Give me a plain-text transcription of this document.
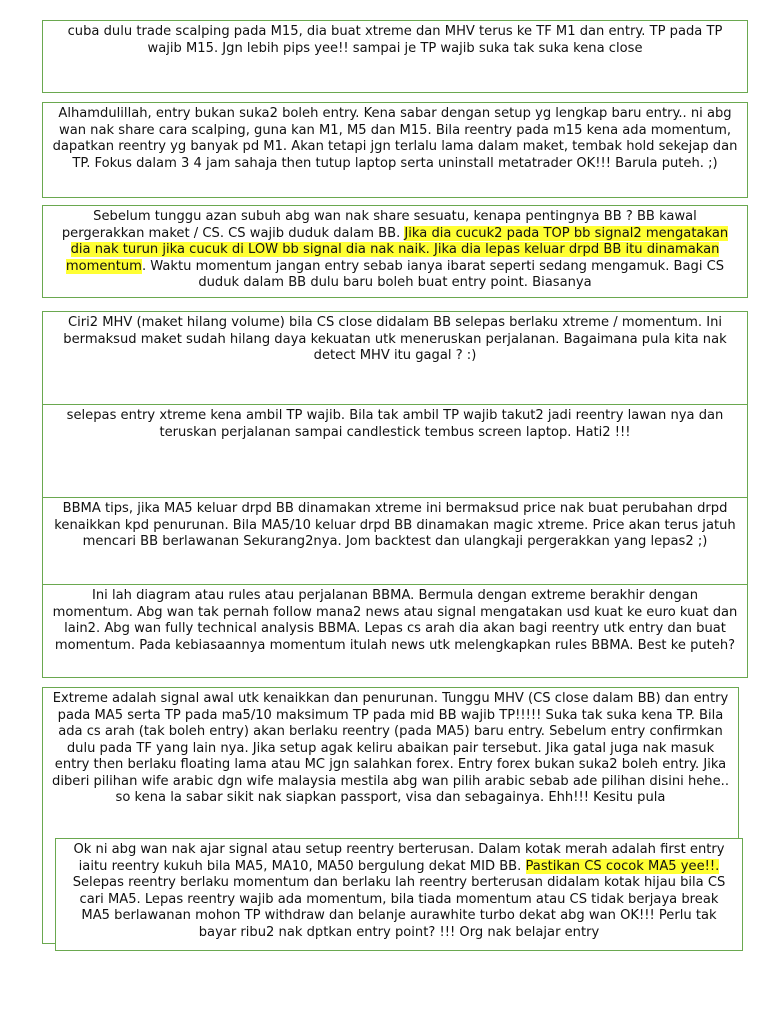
cuba dulu trade scalping pada M15, dia buat xtreme dan MHV terus ke TF M1 dan entry. TP pada TP wajib M15. Jgn lebih pips yee!! sampai je TP wajib suka tak suka kena close

Alhamdulillah, entry bukan suka2 boleh entry. Kena sabar dengan setup yg lengkap baru entry.. ni abg wan nak share cara scalping, guna kan M1, M5 dan M15. Bila reentry pada m15 kena ada momentum, dapatkan reentry yg banyak pd M1. Akan tetapi jgn terlalu lama dalam maket, tembak hold sekejap dan TP. Fokus dalam 3 4 jam sahaja then tutup laptop serta uninstall metatrader OK!!! Barula puteh. ;)

Sebelum tunggu azan subuh abg wan nak share sesuatu, kenapa pentingnya BB ? BB kawal pergerakkan maket / CS. CS wajib duduk dalam BB. Jika dia cucuk2 pada TOP bb signal2 mengatakan dia nak turun jika cucuk di LOW bb signal dia nak naik. Jika dia lepas keluar drpd BB itu dinamakan momentum. Waktu momentum jangan entry sebab ianya ibarat seperti sedang mengamuk. Bagi CS duduk dalam BB dulu baru boleh buat entry point. Biasanya

Ciri2 MHV (maket hilang volume) bila CS close didalam BB selepas berlaku xtreme / momentum. Ini bermaksud maket sudah hilang daya kekuatan utk meneruskan perjalanan. Bagaimana pula kita nak detect MHV itu gagal ? :)

selepas entry xtreme kena ambil TP wajib. Bila tak ambil TP wajib takut2 jadi reentry lawan nya dan teruskan perjalanan sampai candlestick tembus screen laptop. Hati2 !!!

BBMA tips, jika MA5 keluar drpd BB dinamakan xtreme ini bermaksud price nak buat perubahan drpd kenaikkan kpd penurunan. Bila MA5/10 keluar drpd BB dinamakan magic xtreme. Price akan terus jatuh mencari BB berlawanan Sekurang2nya. Jom backtest dan ulangkaji pergerakkan yang lepas2 ;)

Ini lah diagram atau rules atau perjalanan BBMA. Bermula dengan extreme berakhir dengan momentum. Abg wan tak pernah follow mana2 news atau signal mengatakan usd kuat ke euro kuat dan lain2. Abg wan fully technical analysis BBMA. Lepas cs arah dia akan bagi reentry utk entry dan buat momentum. Pada kebiasaannya momentum itulah news utk melengkapkan rules BBMA. Best ke puteh?

Extreme adalah signal awal utk kenaikkan dan penurunan. Tunggu MHV (CS close dalam BB) dan entry pada MA5 serta TP pada ma5/10 maksimum TP pada mid BB wajib TP!!!!! Suka tak suka kena TP. Bila ada cs arah (tak boleh entry) akan berlaku reentry (pada MA5) baru entry. Sebelum entry confirmkan dulu pada TF yang lain nya. Jika setup agak keliru abaikan pair tersebut. Jika gatal juga nak masuk entry then berlaku floating lama atau MC jgn salahkan forex. Entry forex bukan suka2 boleh entry. Jika diberi pilihan wife arabic dgn wife malaysia mestila abg wan pilih arabic sebab ade pilihan disini hehe.. so kena la sabar sikit nak siapkan passport, visa dan sebagainya. Ehh!!! Kesitu pula

Ok ni abg wan nak ajar signal atau setup reentry berterusan. Dalam kotak merah adalah first entry iaitu reentry kukuh bila MA5, MA10, MA50 bergulung dekat MID BB. Pastikan CS cocok MA5 yee!!. Selepas reentry berlaku momentum dan berlaku lah reentry berterusan didalam kotak hijau bila CS cari MA5. Lepas reentry wajib ada momentum, bila tiada momentum atau CS tidak berjaya break MA5 berlawanan mohon TP withdraw dan belanje aurawhite turbo dekat abg wan OK!!! Perlu tak bayar ribu2 nak dptkan entry point? !!! Org nak belajar entry
